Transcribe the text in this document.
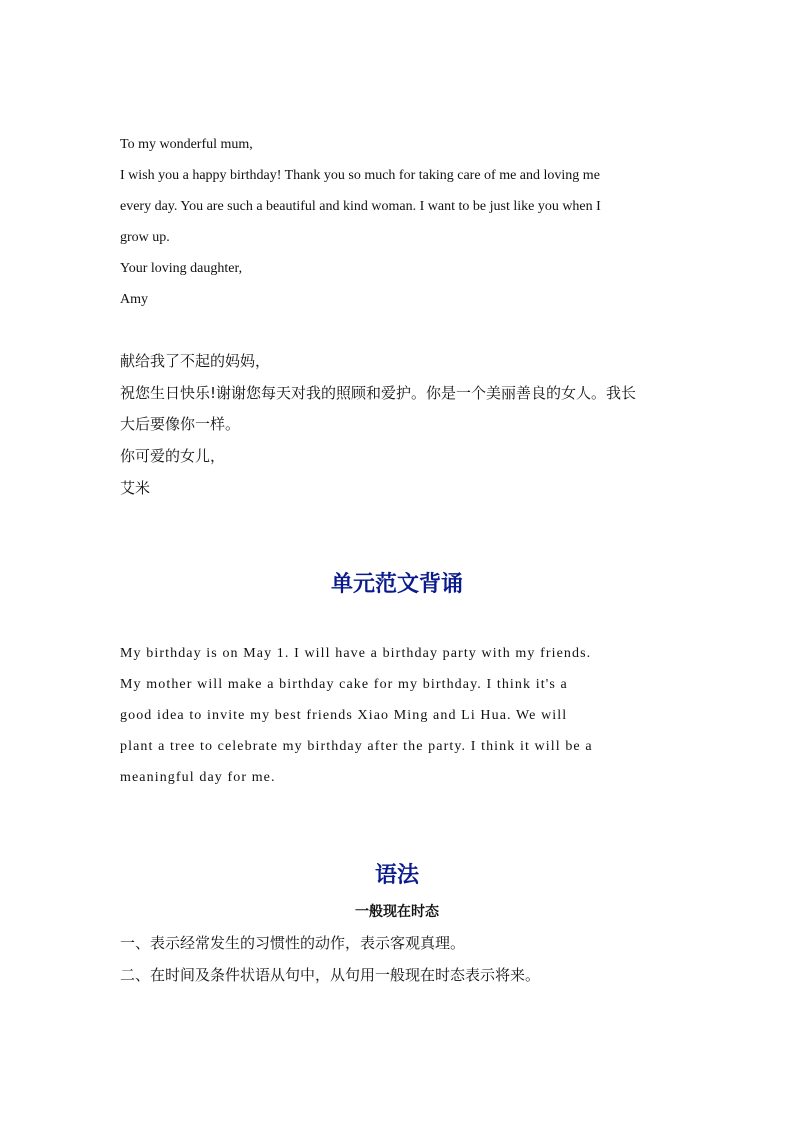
To my wonderful mum,
I wish you a happy birthday! Thank you so much for taking care of me and loving me
every day. You are such a beautiful and kind woman. I want to be just like you when I
grow up.
Your loving daughter,
Amy
献给我了不起的妈妈，
祝您生日快乐!谢谢您每天对我的照顾和爱护。你是一个美丽善良的女人。我长
大后要像你一样。
你可爱的女儿，
艾米
单元范文背诵
My birthday is on May 1. I will have a birthday party with my friends.
My mother will make a birthday cake for my birthday. I think it's a
good idea to invite my best friends Xiao Ming and Li Hua. We will
plant a tree to celebrate my birthday after the party. I think it will be a
meaningful day for me.
语法
一般现在时态
一、表示经常发生的习惯性的动作，表示客观真理。
二、在时间及条件状语从句中，从句用一般现在时态表示将来。
